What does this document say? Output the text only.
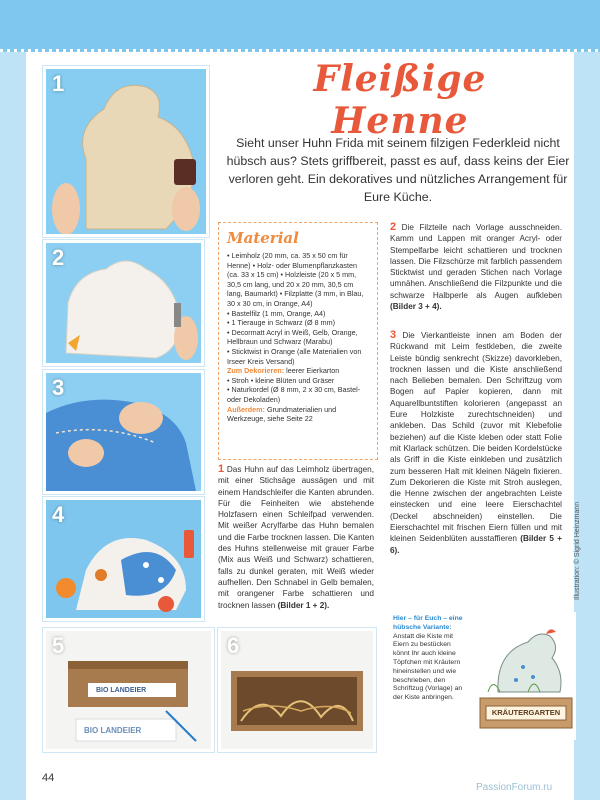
1
2
3
4
BIO LANDEIER
BIO LANDEIER
5	6
Fleißige Henne

Sieht unser Huhn Frida mit seinem filzigen Federkleid nicht hübsch aus? Stets griffbereit, passt es auf, dass keins der Eier verloren geht. Ein dekoratives und nützliches Arrangement für Eure Küche.

Material
• Leimholz (20 mm, ca. 35 x 50 cm für Henne) • Holz- oder Blumenpflanzkasten (ca. 33 x 15 cm) • Holzleiste (20 x 5 mm, 30,5 cm lang, und 20 x 20 mm, 30,5 cm lang, Baumarkt) • Filzplatte (3 mm, in Blau, 30 x 30 cm, in Orange, A4)
• Bastelfilz (1 mm, Orange, A4)
• 1 Tierauge in Schwarz (Ø 8 mm)
• Decormatt Acryl in Weiß, Gelb, Orange, Hellbraun und Schwarz (Marabu)
• Sticktwist in Orange (alle Materialien von Irseer Kreis Versand)
Zum Dekorieren: leerer Eierkarton
• Stroh • kleine Blüten und Gräser
• Naturkordel (Ø 8 mm, 2 x 30 cm, Bastel- oder Dekoladen)
Außerdem: Grundmaterialien und Werkzeuge, siehe Seite 22
1 Das Huhn auf das Leimholz übertragen, mit einer Stichsäge aussägen und mit einem Handschleifer die Kanten abrunden. Für die Feinheiten wie abstehende Holzfasern einen Schleifpad verwenden. Mit weißer Acrylfarbe das Huhn bemalen und die Farbe trocknen lassen. Die Kanten des Huhns stellenweise mit grauer Farbe (Mix aus Weiß und Schwarz) schattieren, falls zu dunkel geraten, mit Weiß wieder aufhellen. Den Schnabel in Gelb bemalen, mit orangener Farbe schattieren und trocknen lassen (Bilder 1 + 2).
2 Die Filzteile nach Vorlage ausschneiden. Kamm und Lappen mit oranger Acryl- oder Stempelfarbe leicht schattieren und trocknen lassen. Die Filzschürze mit farblich passendem Sticktwist und geraden Stichen nach Vorlage umnähen. Anschließend die Filzpunkte und die schwarze Halbperle als Augen aufkleben (Bilder 3 + 4).
3 Die Vierkantleiste innen am Boden der Rückwand mit Leim festkleben, die zweite Leiste bündig senkrecht (Skizze) davorkleben, trocknen lassen und die Kiste anschließend nach Belieben bemalen. Den Schriftzug vom Bogen auf Papier kopieren, dann mit Aquarellbuntstiften kolorieren (angepasst an Eure Holzkiste zurechtschneiden) und ankleben. Das Schild (zuvor mit Klebefolie beziehen) auf die Kiste kleben oder statt Folie mit Klarlack schützen. Die beiden Kordelstücke als Griff in die Kiste einkleben und zusätzlich zum besseren Halt mit kleinen Nägeln fixieren. Zum Dekorieren die Kiste mit Stroh auslegen, die Henne zwischen der angebrachten Leiste einstecken und eine leere Eierschachtel (Deckel abschneiden) einstellen. Die Eierschachtel mit frischen Eiern füllen und mit kleinen Seidenblüten ausstaffieren (Bilder 5 + 6).	Illustration: © Sigrid Heinzmann
Hier – für Euch – eine hübsche Variante:
Anstatt die Kiste mit Eiern zu bestücken könnt Ihr auch kleine Töpfchen mit Kräutern hineinstellen und wie beschrieben, den Schriftzug (Vorlage) an der Kiste anbringen.
KRÄUTERGARTEN
44
PassionForum.ru
